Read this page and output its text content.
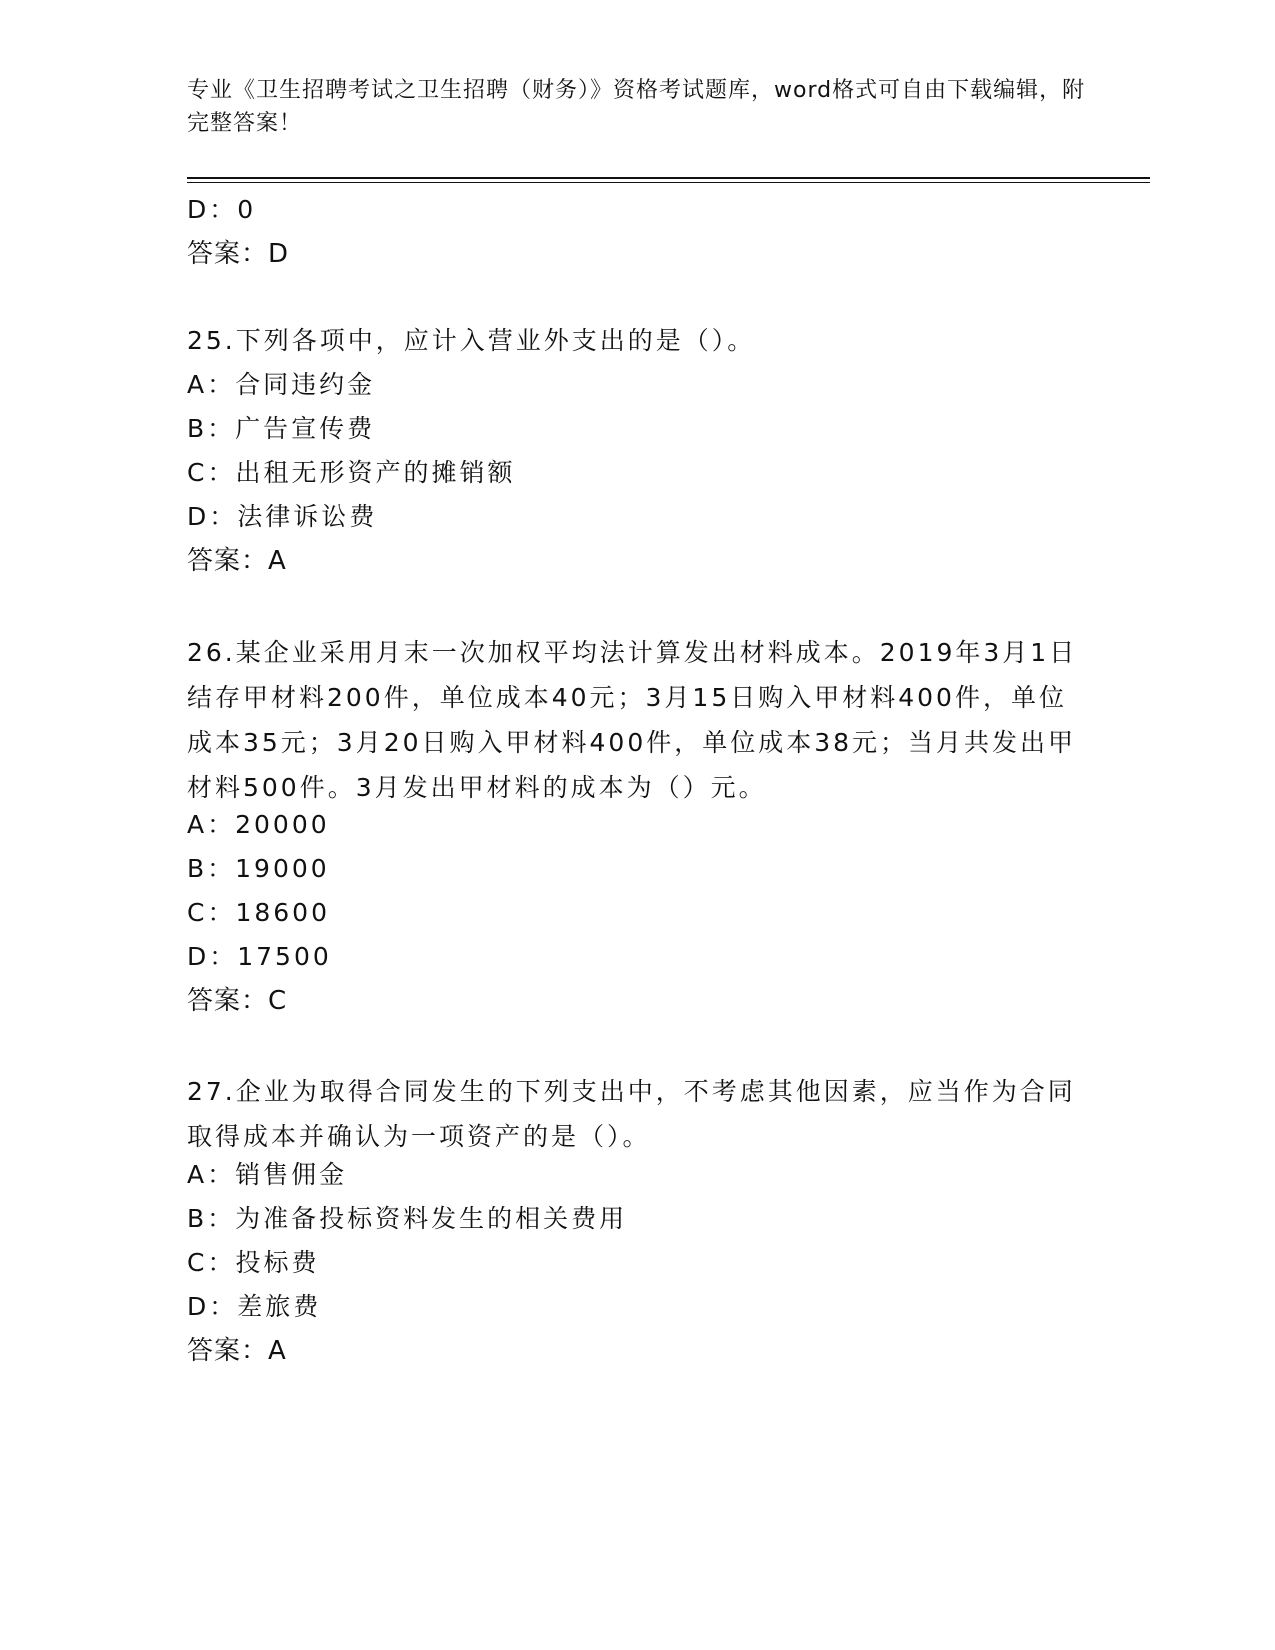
专业《卫生招聘考试之卫生招聘（财务）》资格考试题库，word格式可自由下载编辑，附完整答案！
D：0
答案：D
25.下列各项中，应计入营业外支出的是（）。
A：合同违约金
B：广告宣传费
C：出租无形资产的摊销额
D：法律诉讼费
答案：A
26.某企业采用月末一次加权平均法计算发出材料成本。2019年3月1日结存甲材料200件，单位成本40元；3月15日购入甲材料400件，单位成本35元；3月20日购入甲材料400件，单位成本38元；当月共发出甲材料500件。3月发出甲材料的成本为（）元。
A：20000
B：19000
C：18600
D：17500
答案：C
27.企业为取得合同发生的下列支出中，不考虑其他因素，应当作为合同取得成本并确认为一项资产的是（）。
A：销售佣金
B：为准备投标资料发生的相关费用
C：投标费
D：差旅费
答案：A
